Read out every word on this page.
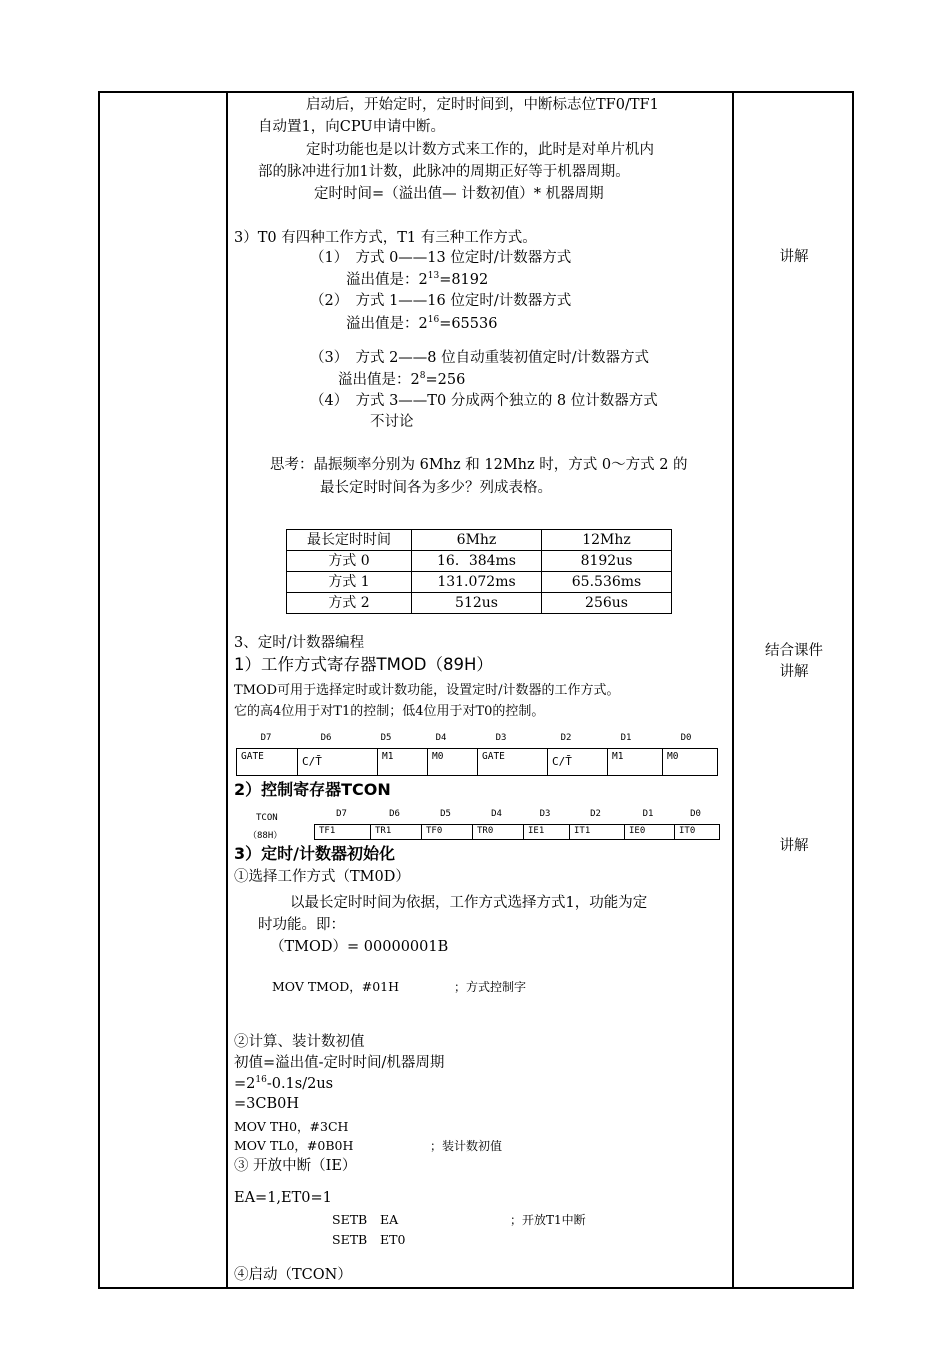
讲解
结合课件
讲解
讲解
启动后，开始定时，定时时间到，中断标志位TF0/TF1
自动置1，向CPU申请中断。
定时功能也是以计数方式来工作的，此时是对单片机内
部的脉冲进行加1计数，此脉冲的周期正好等于机器周期。
定时时间=（溢出值— 计数初值）* 机器周期
3）T0 有四种工作方式，T1 有三种工作方式。
（1）　方式 0——13 位定时/计数器方式
溢出值是：$2^{13}=8192$
（2）　方式 1——16 位定时/计数器方式
溢出值是：$2^{16}=65536$
（3）　方式 2——8 位自动重装初值定时/计数器方式
溢出值是：$2^8=256$
（4）　方式 3——T0 分成两个独立的 8 位计数器方式
不讨论
思考：晶振频率分别为 6Mhz 和 12Mhz 时，方式 0～方式 2 的
最长定时时间各为多少？列成表格。
最长定时时间	6Mhz	12Mhz
方式 0	16．384ms	8192us
方式 1	131.072ms	65.536ms
方式 2	512us	256us
3、定时/计数器编程
1）工作方式寄存器TMOD（89H）
TMOD可用于选择定时或计数功能，设置定时/计数器的工作方式。
它的高4位用于对T1的控制；低4位用于对T0的控制。
D7	D6	D5	D4	D3	D2	D1	D0
GATE	C/T̄	M1	M0	GATE	C/T̄	M1	M0
2）控制寄存器TCON
TCON
（88H）
D7	D6	D5	D4	D3	D2	D1	D0
TF1	TR1	TF0	TR0	IE1	IT1	IE0	IT0
3）定时/计数器初始化
①选择工作方式（TM0D）
以最长定时时间为依据，工作方式选择方式1，功能为定
时功能。即：
（TMOD）= 00000001B
MOV TMOD，#01H	；方式控制字
②计算、装计数初值
初值=溢出值-定时时间/机器周期
$=2^{16}-0.1s/2us$
=3CB0H
MOV TH0，#3CH
MOV TL0，#0B0H	；装计数初值
③ 开放中断（IE）
EA=1,ET0=1
SETB EA	；开放T1中断
SETB ET0
④启动（TCON）
